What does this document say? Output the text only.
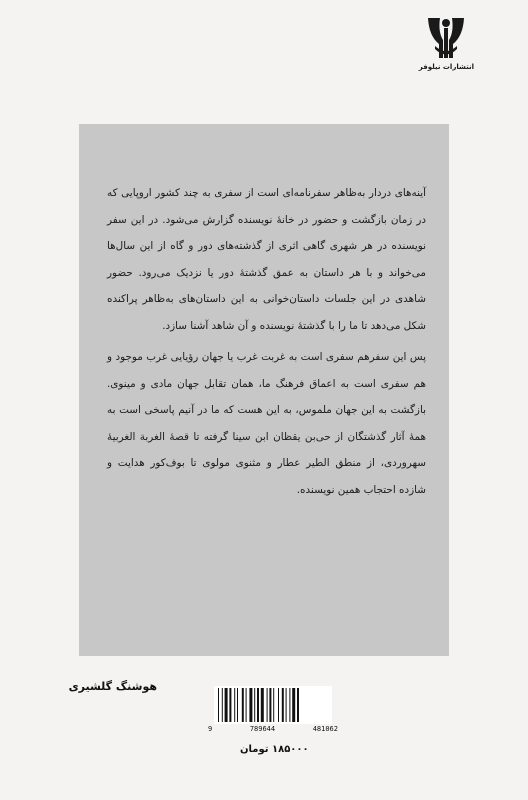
انتشارات نیلوفر

آینه‌های دردار به‌ظاهر سفرنامه‌ای است از سفری به چند کشور اروپایی که در زمان بازگشت و حضور در خانه‌ٔ نویسنده گزارش می‌شود. در این سفر نویسنده در هر شهری گاهی اثری از گذشته‌های دور و گاه از این سال‌ها می‌خواند و با هر داستان به عمق گذشته‌ٔ دور یا نزدیک می‌رود. حضور شاهدی در این جلسات داستان‌خوانی به این داستان‌های به‌ظاهر پراکنده شکل می‌دهد تا ما را با گذشته‌ٔ نویسنده و آن شاهد آشنا سازد.

پس این سفرهم سفری است به غربت غرب یا جهان رؤیایی غرب موجود و هم سفری است به اعماق فرهنگ ما، همان تقابل جهان مادی و مینوی. بازگشت به این جهان ملموس، به این هست که ما در آنیم پاسخی است به همه‌ٔ آثار گذشتگان از حی‌بن یقظان ابن سینا گرفته تا قصهٔ الغربة الغربیه‌ٔ سهروردی، از منطق الطیر عطار و مثنوی مولوی تا بوف‌کور هدایت و شازده احتجاب همین نویسنده.

هوشنگ گلشیری
9	789644	481062
۱۸۵۰۰۰ تومان
